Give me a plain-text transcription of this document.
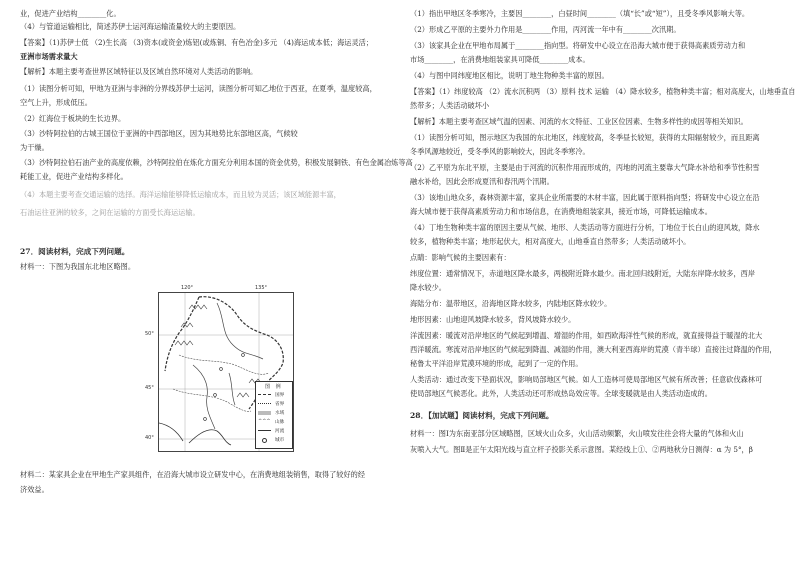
业，促进产业结构________化。
（4）与管道运输相比，简述苏伊士运河海运输渣量较大的主要原因。
【答案】（1)苏伊士低 （2)生长高 （3)资本(或资金)炼铝(或炼铜、有色冶金)多元 （4)海运成本低；海运灵活；
亚洲市场需求量大
【解析】本题主要考查世界区域特征以及区域自然环境对人类活动的影响。
（1）读图分析可知，甲地为亚洲与非洲的分界线苏伊士运河，读图分析可知乙地位于西亚，在夏季，温度较高，
空气上升，形成低压。
（2）红海位于板块的生长边界。
（3）沙特阿拉伯的古城王国位于亚洲的中西部地区，因为其地势比东部地区高，气候较
为干燥。
（3）沙特阿拉伯石油产业的高度依赖，沙特阿拉伯在炼化方面充分利用本国的资金优势，积极发展铜铁、有色金属冶炼等高
耗能工业，促进产业结构多样化。
（4）本题主要考查交通运输的选择。海洋运输能够降低运输成本，而且较为灵活；该区域能源丰富，
石油运往亚洲的较多，之间在运输的方面受长海运运输。
27．阅读材料，完成下列问题。
材料一：下图为我国东北地区略图。
120°	135°
50°
45°
40°
图 例
国界
省界
水域
^^^ 山脉
河流
城市
材料二：某家具企业在甲地生产家具组件，在沿海大城市设立研发中心，在消费地组装销售，取得了较好的经
济效益。
（1）指出甲地区冬季寒冷，主要因________，白昼时间________（填“长”或“短”），且受冬季风影响大等。
（2）形成乙平原的主要外力作用是________作用，丙河流一年中有________次汛期。
（3）该家具企业在甲地布局属于________指向型。将研发中心设立在沿海大城市便于获得高素质劳动力和
市场________，在消费地组装家具可降低________成本。
（4）与图中同纬度地区相比，说明丁地生物种类丰富的原因。
【答案】（1）纬度较高 （2）流水沉积两 （3）原料 技术 运输 （4）降水较多，植物种类丰富；相对高度大，山地垂直自
然带多；人类活动破坏小
【解析】本题主要考查区域气温的因素、河流的水文特征、工业区位因素、生物多样性的成因等相关知识。
（1）读图分析可知，图示地区为我国的东北地区，纬度较高，冬季昼长较短，获得的太阳辐射较少，而且距离
冬季风源地较近，受冬季风的影响较大，因此冬季寒冷。
（2）乙平原为东北平原，主要是由于河流的沉积作用而形成的，丙地的河流主要靠大气降水补给和季节性积雪
融水补给，因此会形成夏汛和春汛两个汛期。
（3）该地山地众多，森林资源丰富，家具企业所需要的木材丰富，因此属于原料指向型；将研发中心设立在沿
海大城市便于获得高素质劳动力和市场信息，在消费地组装家具，接近市场，可降低运输成本。
（4）丁地生物种类丰富的原因主要从气候、地形、人类活动等方面进行分析，丁地位于长白山的迎风坡，降水
较多，植物种类丰富；地形起伏大，相对高度大，山地垂直自然带多；人类活动破坏小。
点睛：影响气候的主要因素有：
纬度位置：通常情况下，赤道地区降水最多，两极附近降水最少。南北回归线附近，大陆东岸降水较多，西岸
降水较少。
海陆分布：温带地区，沿海地区降水较多，内陆地区降水较少。
地形因素：山地迎风坡降水较多，背风坡降水较少。
洋流因素：暖流对沿岸地区的气候起到增温、增湿的作用，如西欧海洋性气候的形成，就直接得益于暖湿的北大
西洋暖流。寒流对沿岸地区的气候起到降温、减湿的作用，澳大利亚西海岸的荒漠（青半球）直接注过降温的作用，
秘鲁太平洋沿岸荒漠环境的形成，起到了一定的作用。
人类活动：通过改变下垫面状况，影响局部地区气候。如人工造林可使局部地区气候有所改善；任意砍伐森林可
使局部地区气候恶化。此外，人类活动还可形成热岛效应等。全球变暖就是由人类活动造成的。
28．【加试题】阅读材料，完成下列问题。
材料一：图Ⅰ为东南亚部分区域略图，区域火山众多，火山活动频繁，火山喷发往往会将大量的气体和火山
灰喷入大气。图Ⅱ是正午太阳光线与直立杆子投影关系示意图。某经线上①、②两地秋分日测得：α 为 5°，β
